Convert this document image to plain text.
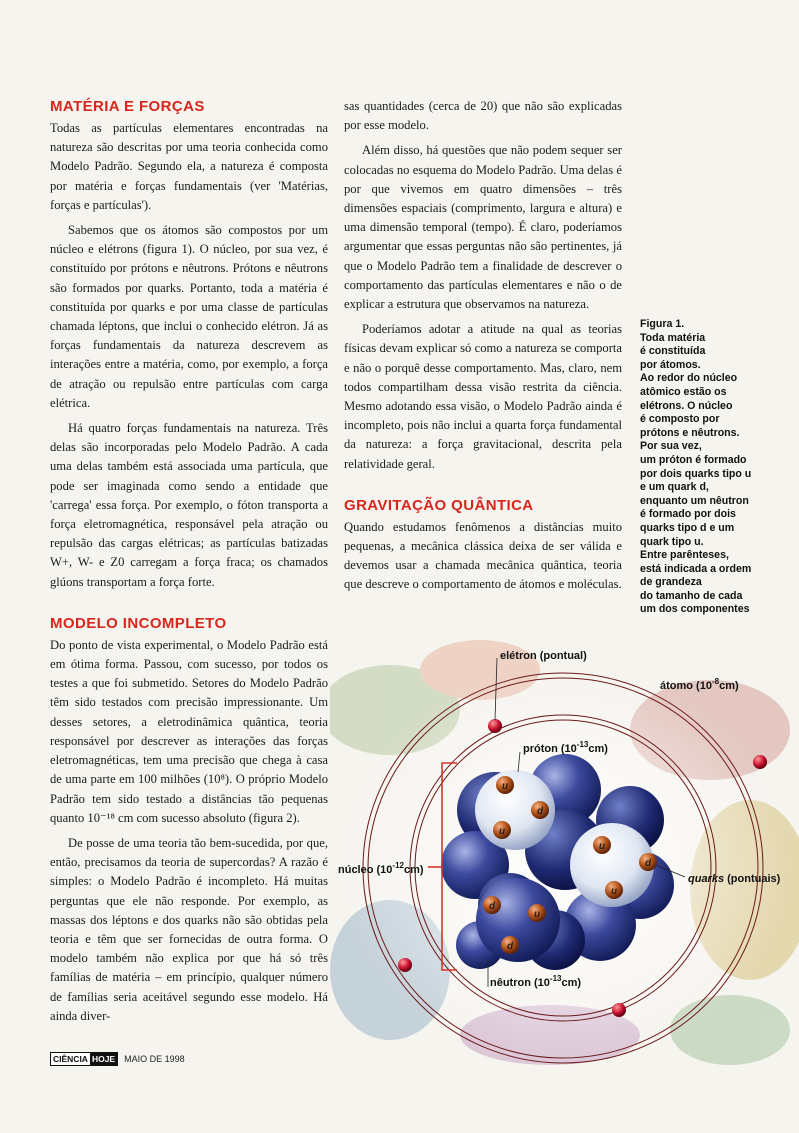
MATÉRIA E FORÇAS

Todas as partículas elementares encontradas na natureza são descritas por uma teoria conhecida como Modelo Padrão. Segundo ela, a natureza é composta por matéria e forças fundamentais (ver 'Matérias, forças e partículas').

Sabemos que os átomos são compostos por um núcleo e elétrons (figura 1). O núcleo, por sua vez, é constituído por prótons e nêutrons. Prótons e nêutrons são formados por quarks. Portanto, toda a matéria é constituída por quarks e por uma classe de partículas chamada léptons, que inclui o conhecido elétron. Já as forças fundamentais da natureza descrevem as interações entre a matéria, como, por exemplo, a força de atração ou repulsão entre partículas com carga elétrica.

Há quatro forças fundamentais na natureza. Três delas são incorporadas pelo Modelo Padrão. A cada uma delas também está associada uma partícula, que pode ser imaginada como sendo a entidade que 'carrega' essa força. Por exemplo, o fóton transporta a força eletromagnética, responsável pela atração ou repulsão das cargas elétricas; as partículas batizadas W+, W- e Z0 carregam a força fraca; os chamados glúons transportam a força forte.

MODELO INCOMPLETO

Do ponto de vista experimental, o Modelo Padrão está em ótima forma. Passou, com sucesso, por todos os testes a que foi submetido. Setores do Modelo Padrão têm sido testados com precisão impressionante. Um desses setores, a eletrodinâmica quântica, teoria responsável por descrever as interações das forças eletromagnéticas, tem uma precisão que chega à casa de uma parte em 100 milhões (10⁸). O próprio Modelo Padrão tem sido testado a distâncias tão pequenas quanto 10⁻¹⁸ cm com sucesso absoluto (figura 2).

De posse de uma teoria tão bem-sucedida, por que, então, precisamos da teoria de supercordas? A razão é simples: o Modelo Padrão é incompleto. Há muitas perguntas que ele não responde. Por exemplo, as massas dos léptons e dos quarks não são obtidas pela teoria e têm que ser fornecidas de outra forma. O modelo também não explica por que há só três famílias de matéria – em princípio, qualquer número de famílias seria aceitável segundo esse modelo. Há ainda diver-

sas quantidades (cerca de 20) que não são explicadas por esse modelo.

Além disso, há questões que não podem sequer ser colocadas no esquema do Modelo Padrão. Uma delas é por que vivemos em quatro dimensões – três dimensões espaciais (comprimento, largura e altura) e uma dimensão temporal (tempo). É claro, poderíamos argumentar que essas perguntas não são pertinentes, já que o Modelo Padrão tem a finalidade de descrever o comportamento das partículas elementares e não o de explicar a estrutura que observamos na natureza.

Poderíamos adotar a atitude na qual as teorias físicas devam explicar só como a natureza se comporta e não o porquê desse comportamento. Mas, claro, nem todos compartilham dessa visão restrita da ciência. Mesmo adotando essa visão, o Modelo Padrão ainda é incompleto, pois não inclui a quarta força fundamental da natureza: a força gravitacional, descrita pela relatividade geral.

GRAVITAÇÃO QUÂNTICA

Quando estudamos fenômenos a distâncias muito pequenas, a mecânica clássica deixa de ser válida e devemos usar a chamada mecânica quântica, teoria que descreve o comportamento de átomos e moléculas.

Figura 1.
Toda matéria
é constituída
por átomos.
Ao redor do núcleo
atômico estão os
elétrons. O núcleo
é composto por
prótons e nêutrons.
Por sua vez,
um próton é formado
por dois quarks tipo u
e um quark d,
enquanto um nêutron
é formado por dois
quarks tipo d e um
quark tipo u.
Entre parênteses,
está indicada a ordem
de grandeza
do tamanho de cada
um dos componentes
u
d
u
u
d
u
d
u
d
elétron (pontual)
átomo $(10^{-8}cm)$
próton $(10^{-13}cm)$
núcleo $(10^{-12}cm)$
quarks (pontuais)
nêutron $(10^{-13}cm)$
CIÊNCIA HOJE MAIO DE 1998
